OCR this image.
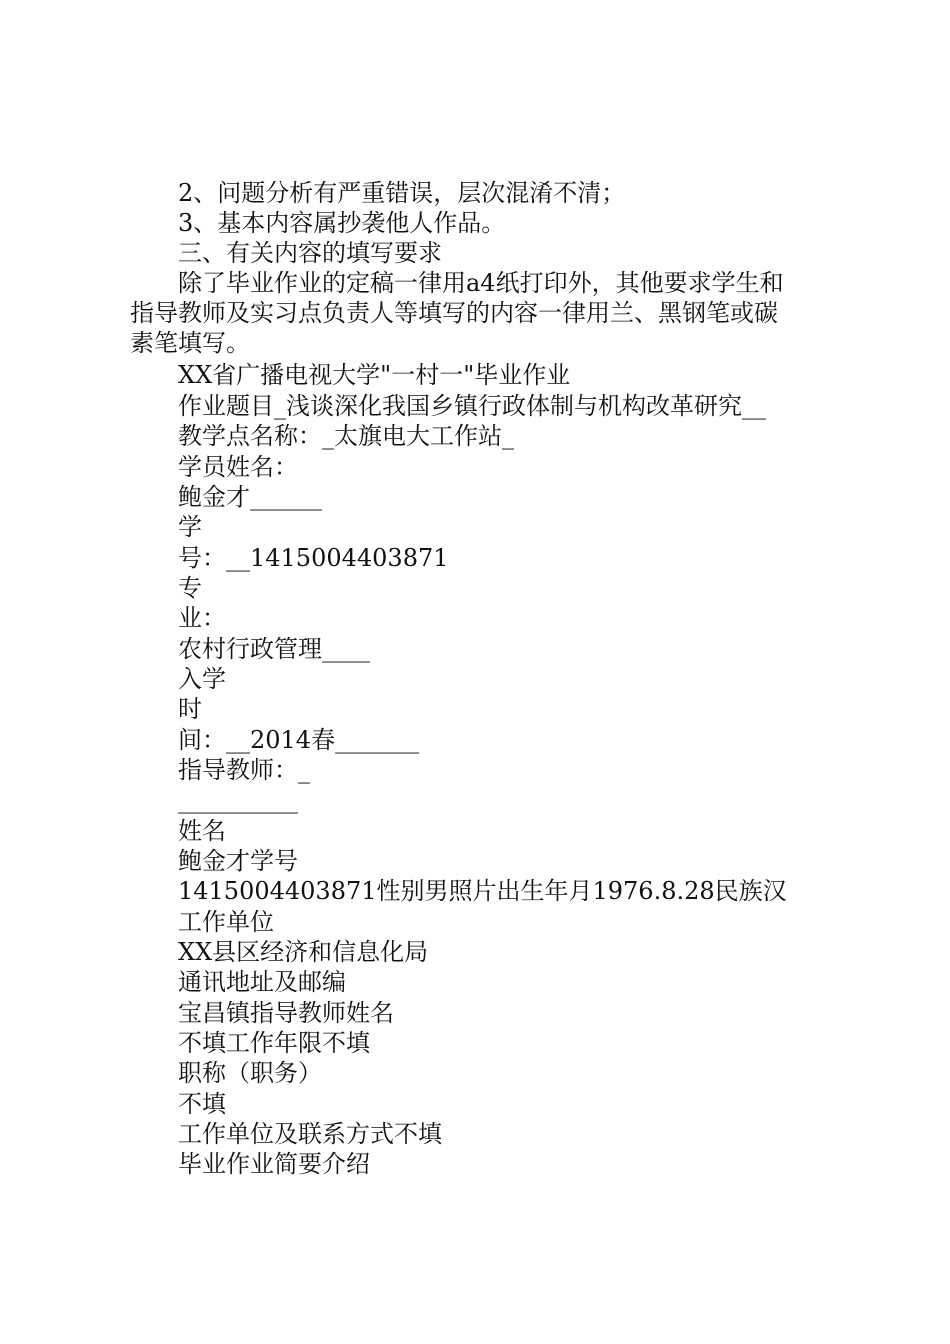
2、问题分析有严重错误，层次混淆不清；
3、基本内容属抄袭他人作品。
三、有关内容的填写要求
除了毕业作业的定稿一律用a4纸打印外，其他要求学生和
指导教师及实习点负责人等填写的内容一律用兰、黑钢笔或碳
素笔填写。
XX省广播电视大学"一村一"毕业作业
作业题目_浅谈深化我国乡镇行政体制与机构改革研究__
教学点名称：_太旗电大工作站_
学员姓名：
鲍金才______
学
号：__1415004403871
专
业：
农村行政管理____
入学
时
间：__2014春_______
指导教师：_
__________
姓名
鲍金才学号
1415004403871性别男照片出生年月1976.8.28民族汉
工作单位
XX县区经济和信息化局
通讯地址及邮编
宝昌镇指导教师姓名
不填工作年限不填
职称（职务）
不填
工作单位及联系方式不填
毕业作业简要介绍
